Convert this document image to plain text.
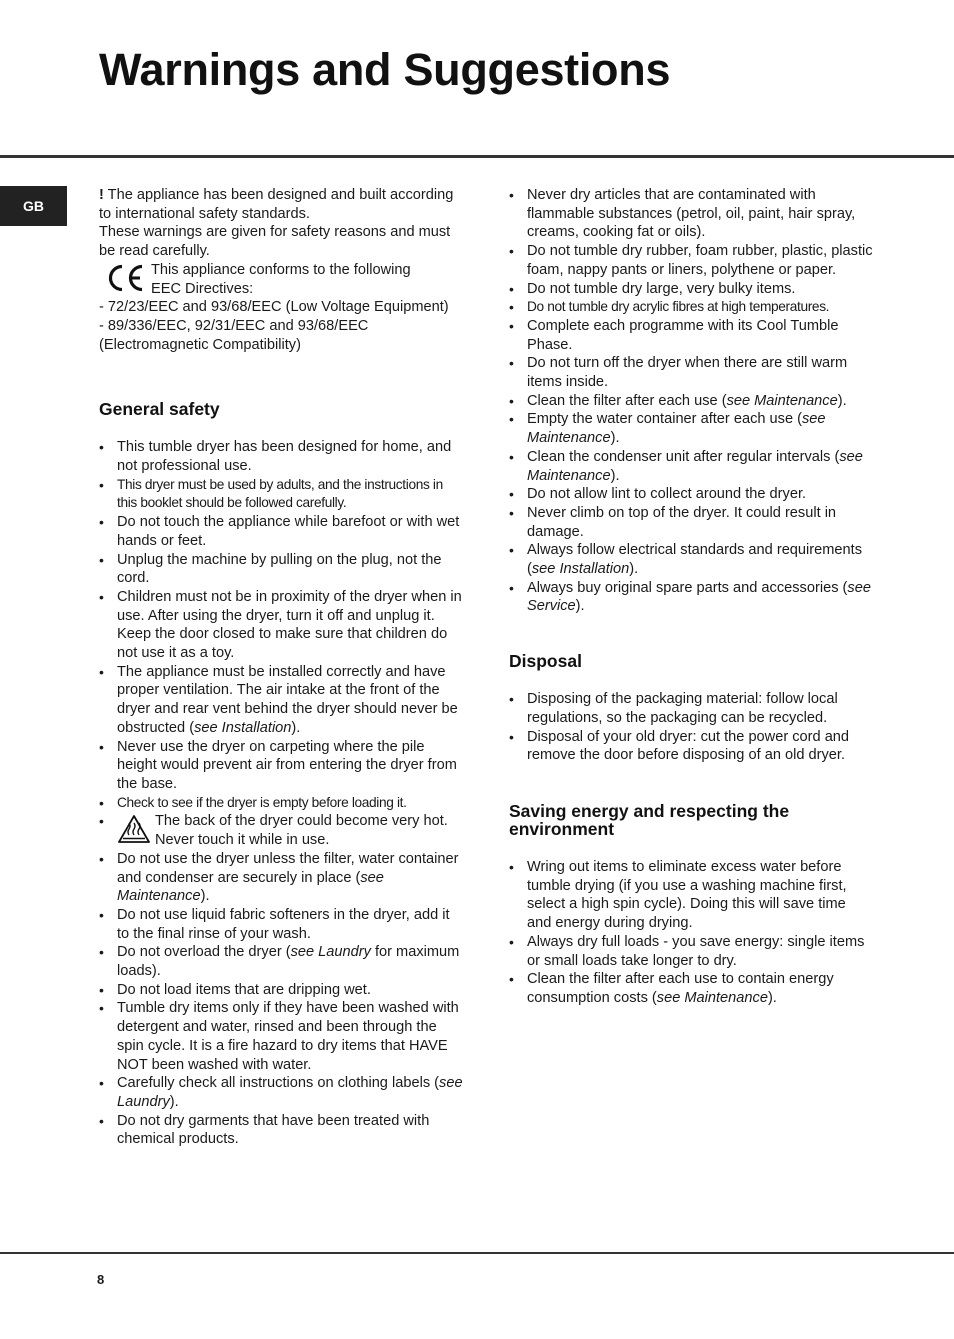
Warnings and Suggestions
GB

! The appliance has been designed and built according to international safety standards.
These warnings are given for safety reasons and must be read carefully.

This appliance conforms to the following EEC Directives:

- 72/23/EEC and 93/68/EEC (Low Voltage Equipment)

- 89/336/EEC, 92/31/EEC and 93/68/EEC (Electromagnetic Compatibility)

General safety
• This tumble dryer has been designed for home, and not professional use.
• This dryer must be used by adults, and the instructions in this booklet should be followed carefully.
• Do not touch the appliance while barefoot or with wet hands or feet.
• Unplug the machine by pulling on the plug, not the cord.
• Children must not be in proximity of the dryer when in use. After using the dryer, turn it off and unplug it. Keep the door closed to make sure that children do not use it as a toy.
• The appliance must be installed correctly and have proper ventilation. The air intake at the front of the dryer and rear vent behind the dryer should never be obstructed (see Installation).
• Never use the dryer on carpeting where the pile height would prevent air from entering the dryer from the base.
• Check to see if the dryer is empty before loading it.
• The back of the dryer could become very hot. Never touch it while in use.
• Do not use the dryer unless the filter, water container and condenser are securely in place (see Maintenance).
• Do not use liquid fabric softeners in the dryer, add it to the final rinse of your wash.
• Do not overload the dryer (see Laundry for maximum loads).
• Do not load items that are dripping wet.
• Tumble dry items only if they have been washed with detergent and water, rinsed and been through the spin cycle. It is a fire hazard to dry items that HAVE NOT been washed with water.
• Carefully check all instructions on clothing labels (see Laundry).
• Do not dry garments that have been treated with chemical products.
• Never dry articles that are contaminated with flammable substances (petrol, oil, paint, hair spray, creams, cooking fat or oils).
• Do not tumble dry rubber, foam rubber, plastic, plastic foam, nappy pants or liners, polythene or paper.
• Do not tumble dry large, very bulky items.
• Do not tumble dry acrylic fibres at high temperatures.
• Complete each programme with its Cool Tumble Phase.
• Do not turn off the dryer when there are still warm items inside.
• Clean the filter after each use (see Maintenance).
• Empty the water container after each use (see Maintenance).
• Clean the condenser unit after regular intervals (see Maintenance).
• Do not allow lint to collect around the dryer.
• Never climb on top of the dryer. It could result in damage.
• Always follow electrical standards and requirements (see Installation).
• Always buy original spare parts and accessories (see Service).
Disposal
• Disposing of the packaging material: follow local regulations, so the packaging can be recycled.
• Disposal of your old dryer: cut the power cord and remove the door before disposing of an old dryer.
Saving energy and respecting the
environment
• Wring out items to eliminate excess water before tumble drying (if you use a washing machine first, select a high spin cycle). Doing this will save time and energy during drying.
• Always dry full loads - you save energy: single items or small loads take longer to dry.
• Clean the filter after each use to contain energy consumption costs (see Maintenance).
8
